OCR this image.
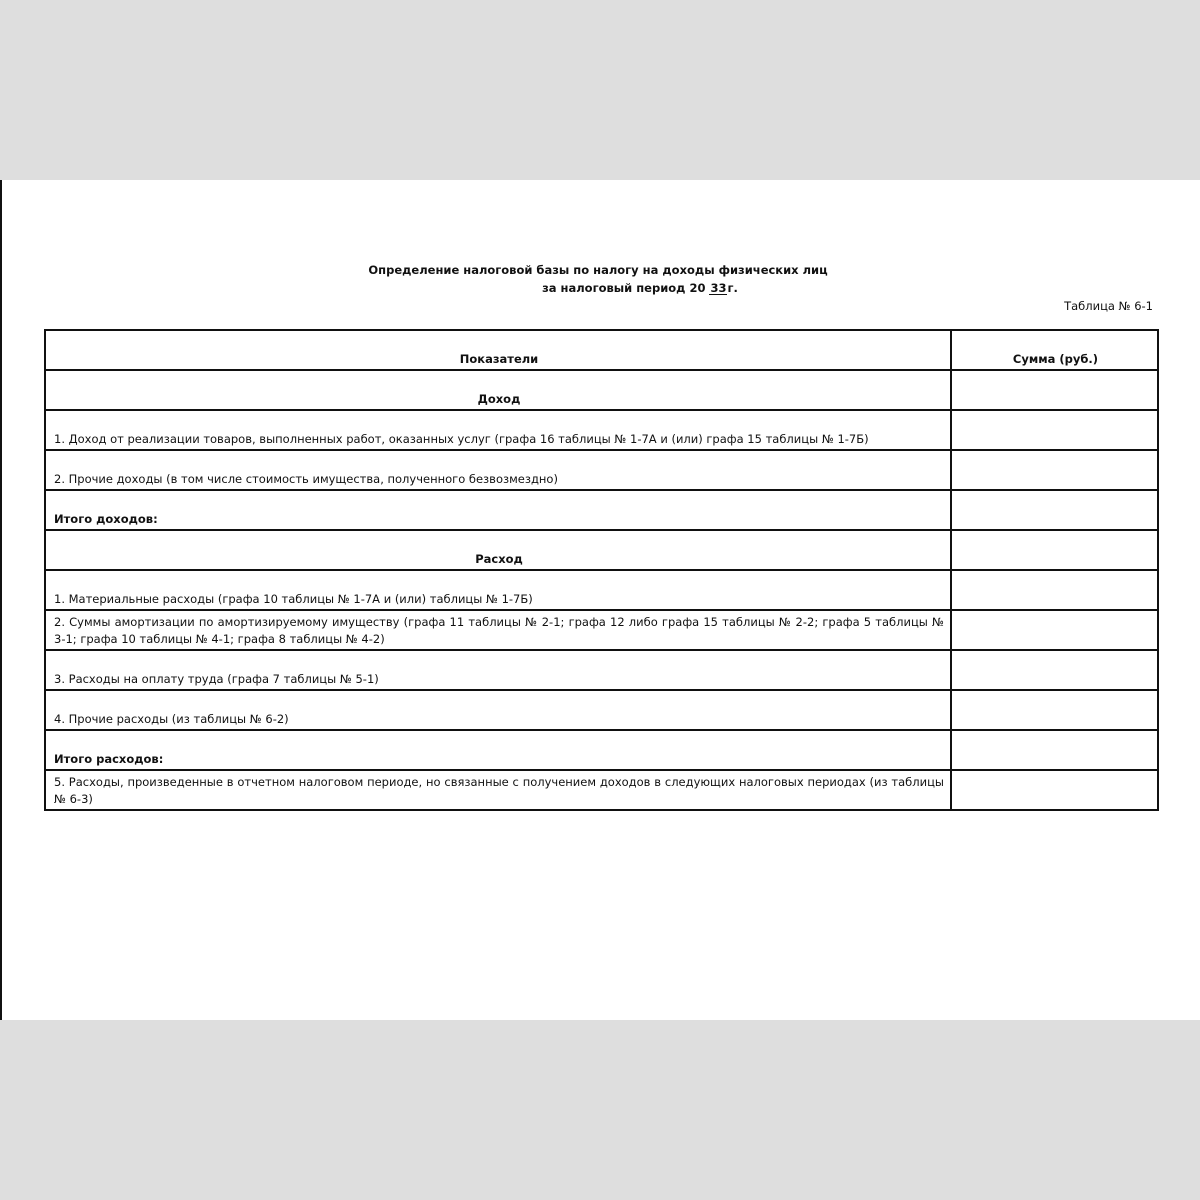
Определение налоговой базы по налогу на доходы физических лиц
за налоговый период 20 33г.
Таблица № 6-1
Показатели	Сумма (руб.)
Доход	
1. Доход от реализации товаров, выполненных работ, оказанных услуг (графа 16 таблицы № 1-7А и (или) графа 15 таблицы № 1-7Б)	
2. Прочие доходы (в том числе стоимость имущества, полученного безвозмездно)	
Итого доходов:	
Расход	
1. Материальные расходы (графа 10 таблицы № 1-7А и (или) таблицы № 1-7Б)	
2. Суммы амортизации по амортизируемому имуществу (графа 11 таблицы № 2-1; графа 12 либо графа 15 таблицы № 2-2; графа 5 таблицы № 3-1; графа 10 таблицы № 4-1; графа 8 таблицы № 4-2)	
3. Расходы на оплату труда (графа 7 таблицы № 5-1)	
4. Прочие расходы (из таблицы № 6-2)	
Итого расходов:	
5. Расходы, произведенные в отчетном налоговом периоде, но связанные с получением доходов в следующих налоговых периодах (из таблицы № 6-3)	
